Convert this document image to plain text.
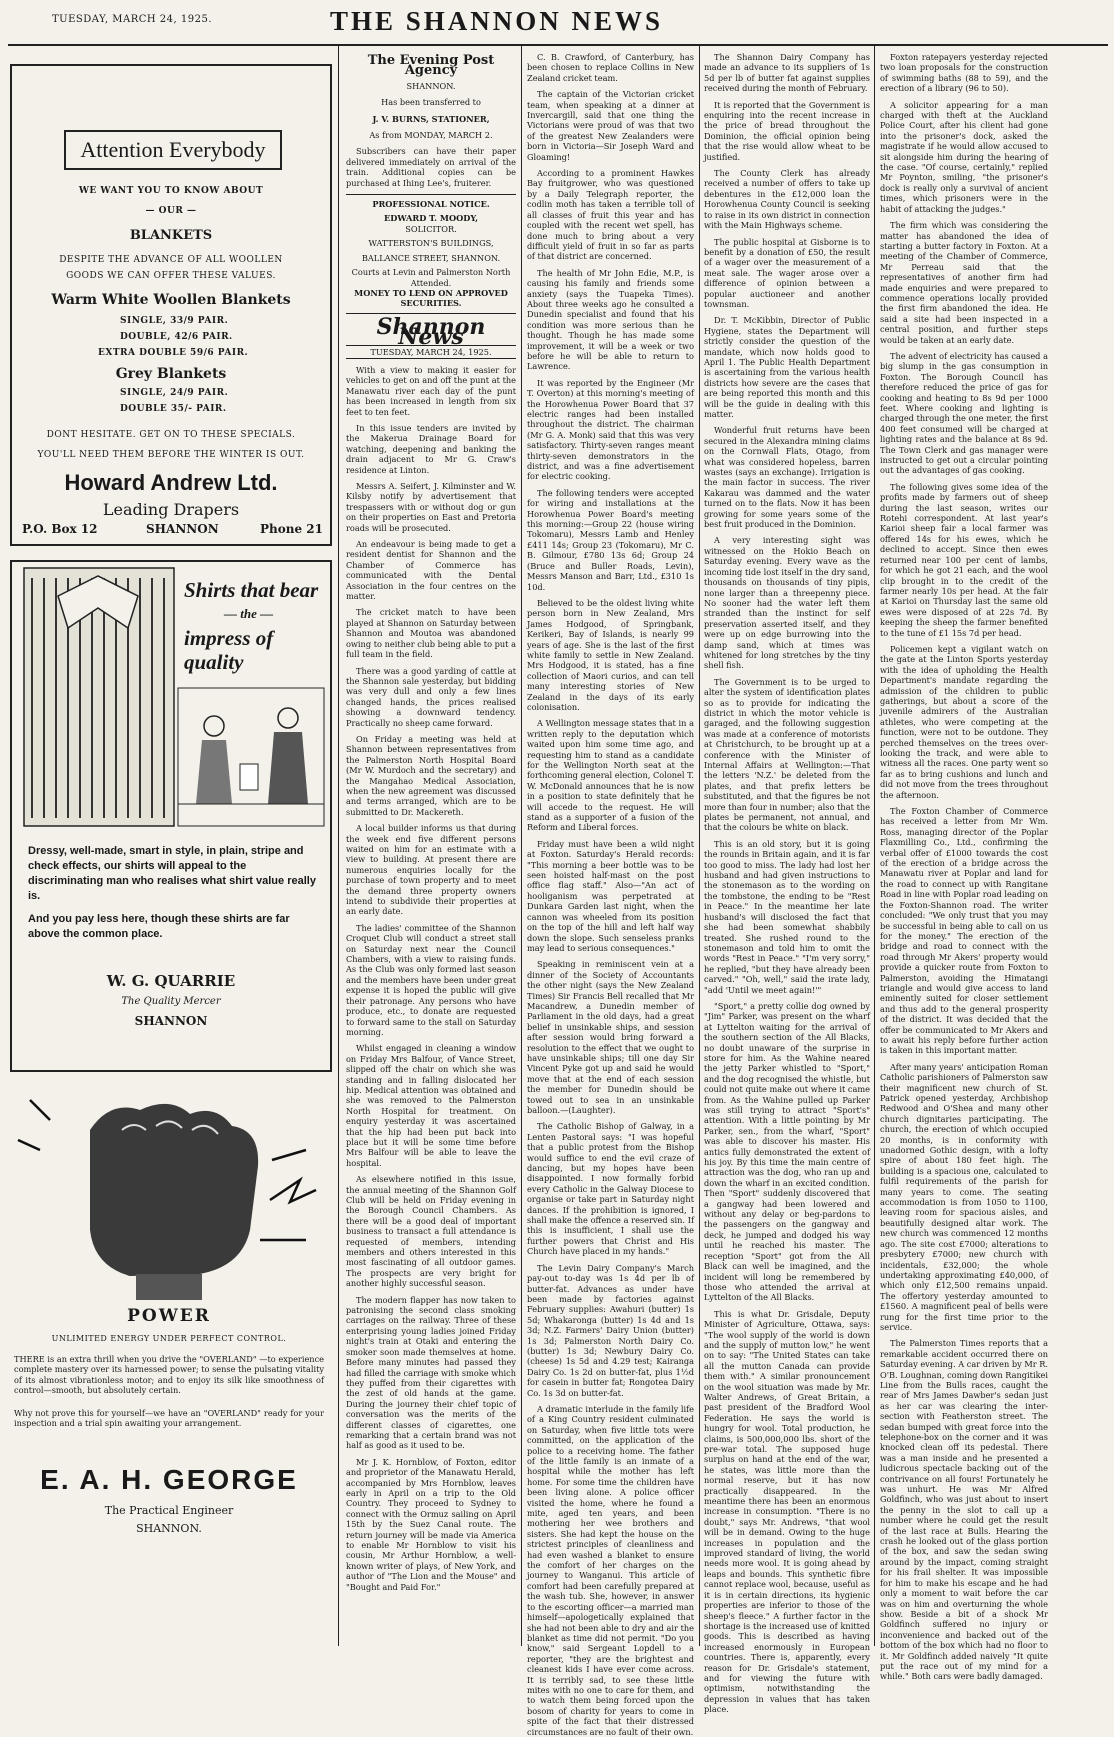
TUESDAY, MARCH 24, 1925.	THE SHANNON NEWS
Attention Everybody
WE WANT YOU TO KNOW ABOUT
— OUR —
BLANKETS
DESPITE THE ADVANCE OF ALL WOOLLEN GOODS WE CAN OFFER THESE VALUES.
Warm White Woollen Blankets
SINGLE, 33/9 PAIR.
DOUBLE, 42/6 PAIR.
EXTRA DOUBLE 59/6 PAIR.
Grey Blankets
SINGLE, 24/9 PAIR.
DOUBLE 35/- PAIR.
DONT HESITATE. GET ON TO THESE SPECIALS.
YOU'LL NEED THEM BEFORE THE WINTER IS OUT.
Howard Andrew Ltd.
Leading Drapers
P.O. Box 12	SHANNON	Phone 21
Shirts that bear
— the —
impress of
quality
Dressy, well-made, smart in style, in plain, stripe and check effects, our shirts will appeal to the discriminating man who realises what shirt value really is.
And you pay less here, though these shirts are far above the common place.
W. G. QUARRIE
The Quality Mercer
SHANNON
POWER
UNLIMITED ENERGY UNDER PERFECT CONTROL.
THERE is an extra thrill when you drive the "OVERLAND" —to experience complete mastery over its harnessed power; to sense the pulsating vitality of its almost vibrationless motor; and to enjoy its silk like smoothness of control—smooth, but absolutely certain.
Why not prove this for yourself—we have an "OVERLAND" ready for your inspection and a trial spin awaiting your arrangement.
E. A. H. GEORGE
The Practical Engineer
SHANNON.
The Evening Post Agency
SHANNON.
Has been transferred to
J. V. BURNS, STATIONER,
As from MONDAY, MARCH 2.

Subscribers can have their paper delivered immediately on arrival of the train. Additional copies can be purchased at Ihing Lee's, fruiterer.

PROFESSIONAL NOTICE.
EDWARD T. MOODY,
SOLICITOR.
WATTERSTON'S BUILDINGS,
BALLANCE STREET, SHANNON.
Courts at Levin and Palmerston North Attended.
MONEY TO LEND ON APPROVED SECURITIES.
Shannon News
TUESDAY, MARCH 24, 1925.

With a view to making it easier for vehicles to get on and off the punt at the Manawatu river each day of the punt has been increased in length from six feet to ten feet.

In this issue tenders are invited by the Makerua Drainage Board for watching, deepening and banking the drain adjacent to Mr G. Craw's residence at Linton.

Messrs A. Seifert, J. Kilminster and W. Kilsby notify by advertisement that trespassers with or without dog or gun on their properties on East and Pretoria roads will be prosecuted.

An endeavour is being made to get a resident dentist for Shannon and the Chamber of Commerce has communicated with the Dental Association in the four centres on the matter.

The cricket match to have been played at Shannon on Saturday between Shannon and Moutoa was abandoned owing to neither club being able to put a full team in the field.

There was a good yarding of cattle at the Shannon sale yesterday, but bidding was very dull and only a few lines changed hands, the prices realised showing a downward tendency. Practically no sheep came forward.

On Friday a meeting was held at Shannon between representatives from the Palmerston North Hospital Board (Mr W. Murdoch and the secretary) and the Mangahao Medical Association, when the new agreement was discussed and terms arranged, which are to be submitted to Dr. Mackereth.

A local builder informs us that during the week end five different persons waited on him for an estimate with a view to building. At present there are numerous enquiries locally for the purchase of town property and to meet the demand three property owners intend to subdivide their properties at an early date.

The ladies' committee of the Shannon Croquet Club will conduct a street stall on Saturday next near the Council Chambers, with a view to raising funds. As the Club was only formed last season and the members have been under great expense it is hoped the public will give their patronage. Any persons who have produce, etc., to donate are requested to forward same to the stall on Saturday morning.

Whilst engaged in cleaning a window on Friday Mrs Balfour, of Vance Street, slipped off the chair on which she was standing and in falling dislocated her hip. Medical attention was obtained and she was removed to the Palmerston North Hospital for treatment. On enquiry yesterday it was ascertained that the hip had been put back into place but it will be some time before Mrs Balfour will be able to leave the hospital.

As elsewhere notified in this issue, the annual meeting of the Shannon Golf Club will be held on Friday evening in the Borough Council Chambers. As there will be a good deal of important business to transact a full attendance is requested of members, intending members and others interested in this most fascinating of all outdoor games. The prospects are very bright for another highly successful season.

The modern flapper has now taken to patronising the second class smoking carriages on the railway. Three of these enterprising young ladies joined Friday night's train at Otaki and entering the smoker soon made themselves at home. Before many minutes had passed they had filled the carriage with smoke which they puffed from their cigarettes with the zest of old hands at the game. During the journey their chief topic of conversation was the merits of the different classes of cigarettes, one remarking that a certain brand was not half as good as it used to be.

Mr J. K. Hornblow, of Foxton, editor and proprietor of the Manawatu Herald, accompanied by Mrs Hornblow, leaves early in April on a trip to the Old Country. They proceed to Sydney to connect with the Ormuz sailing on April 15th by the Suez Canal route. The return journey will be made via America to enable Mr Hornblow to visit his cousin, Mr Arthur Hornblow, a well-known writer of plays, of New York, and author of "The Lion and the Mouse" and "Bought and Paid For."

C. B. Crawford, of Canterbury, has been chosen to replace Collins in New Zealand cricket team.

The captain of the Victorian cricket team, when speaking at a dinner at Invercargill, said that one thing the Victorians were proud of was that two of the greatest New Zealanders were born in Victoria—Sir Joseph Ward and Gloaming!

According to a prominent Hawkes Bay fruitgrower, who was questioned by a Daily Telegraph reporter, the codlin moth has taken a terrible toll of all classes of fruit this year and has coupled with the recent wet spell, has done much to bring about a very difficult yield of fruit in so far as parts of that district are concerned.

The health of Mr John Edie, M.P., is causing his family and friends some anxiety (says the Tuapeka Times). About three weeks ago he consulted a Dunedin specialist and found that his condition was more serious than he thought. Though he has made some improvement, it will be a week or two before he will be able to return to Lawrence.

It was reported by the Engineer (Mr T. Overton) at this morning's meeting of the Horowhenua Power Board that 37 electric ranges had been installed throughout the district. The chairman (Mr G. A. Monk) said that this was very satisfactory. Thirty-seven ranges meant thirty-seven demonstrators in the district, and was a fine advertisement for electric cooking.

The following tenders were accepted for wiring and installations at the Horowhenua Power Board's meeting this morning:—Group 22 (house wiring Tokomaru), Messrs Lamb and Henley £411 14s; Group 23 (Tokomaru), Mr C. B. Gilmour, £780 13s 6d; Group 24 (Bruce and Buller Roads, Levin), Messrs Manson and Barr, Ltd., £310 1s 10d.

Believed to be the oldest living white person born in New Zealand, Mrs James Hodgood, of Springbank, Kerikeri, Bay of Islands, is nearly 99 years of age. She is the last of the first white family to settle in New Zealand. Mrs Hodgood, it is stated, has a fine collection of Maori curios, and can tell many interesting stories of New Zealand in the days of its early colonisation.

A Wellington message states that in a written reply to the deputation which waited upon him some time ago, and requesting him to stand as a candidate for the Wellington North seat at the forthcoming general election, Colonel T. W. McDonald announces that he is now in a position to state definitely that he will accede to the request. He will stand as a supporter of a fusion of the Reform and Liberal forces.

Friday must have been a wild night at Foxton. Saturday's Herald records: "This morning a beer bottle was to be seen hoisted half-mast on the post office flag staff." Also—"An act of hooliganism was perpetrated at Dunkara Garden last night, when the cannon was wheeled from its position on the top of the hill and left half way down the slope. Such senseless pranks may lead to serious consequences."

Speaking in reminiscent vein at a dinner of the Society of Accountants the other night (says the New Zealand Times) Sir Francis Bell recalled that Mr Macandrew, a Dunedin member of Parliament in the old days, had a great belief in unsinkable ships, and session after session would bring forward a resolution to the effect that we ought to have unsinkable ships; till one day Sir Vincent Pyke got up and said he would move that at the end of each session the member for Dunedin should be towed out to sea in an unsinkable balloon.—(Laughter).

The Catholic Bishop of Galway, in a Lenten Pastoral says: "I was hopeful that a public protest from the Bishop would suffice to end the evil craze of dancing, but my hopes have been disappointed. I now formally forbid every Catholic in the Galway Diocese to organise or take part in Saturday night dances. If the prohibition is ignored, I shall make the offence a reserved sin. If this is insufficient, I shall use the further powers that Christ and His Church have placed in my hands."

The Levin Dairy Company's March pay-out to-day was 1s 4d per lb of butter-fat. Advances as under have been made by factories against February supplies: Awahuri (butter) 1s 5d; Whakaronga (butter) 1s 4d and 1s 3d; N.Z. Farmers' Dairy Union (butter) 1s 3d; Palmerston North Dairy Co. (butter) 1s 3d; Newbury Dairy Co. (cheese) 1s 5d and 4.29 test; Kairanga Dairy Co. 1s 2d on butter-fat, plus 1½d for casein in butter fat; Rongotea Dairy Co. 1s 3d on butter-fat.

A dramatic interlude in the family life of a King Country resident culminated on Saturday, when five little tots were committed, on the application of the police to a receiving home. The father of the little family is an inmate of a hospital while the mother has left home. For some time the children have been living alone. A police officer visited the home, where he found a mite, aged ten years, and been mothering her wee brothers and sisters. She had kept the house on the strictest principles of cleanliness and had even washed a blanket to ensure the comfort of her charges on the journey to Wanganui. This article of comfort had been carefully prepared at the wash tub. She, however, in answer to the escorting officer—a married man himself—apologetically explained that she had not been able to dry and air the blanket as time did not permit. "Do you know," said Sergeant Lopdell to a reporter, "they are the brightest and cleanest kids I have ever come across. It is terribly sad, to see these little mites with no one to care for them, and to watch them being forced upon the bosom of charity for years to come in spite of the fact that their distressed circumstances are no fault of their own.

The Shannon Dairy Company has made an advance to its suppliers of 1s 5d per lb of butter fat against supplies received during the month of February.

It is reported that the Government is enquiring into the recent increase in the price of bread throughout the Dominion, the official opinion being that the rise would allow wheat to be justified.

The County Clerk has already received a number of offers to take up debentures in the £12,000 loan the Horowhenua County Council is seeking to raise in its own district in connection with the Main Highways scheme.

The public hospital at Gisborne is to benefit by a donation of £50, the result of a wager over the measurement of a meat sale. The wager arose over a difference of opinion between a popular auctioneer and another townsman.

Dr. T. McKibbin, Director of Public Hygiene, states the Department will strictly consider the question of the mandate, which now holds good to April 1. The Public Health Department is ascertaining from the various health districts how severe are the cases that are being reported this month and this will be the guide in dealing with this matter.

Wonderful fruit returns have been secured in the Alexandra mining claims on the Cornwall Flats, Otago, from what was considered hopeless, barren wastes (says an exchange). Irrigation is the main factor in success. The river Kakarau was dammed and the water turned on to the flats. Now it has been growing for some years some of the best fruit produced in the Dominion.

A very interesting sight was witnessed on the Hokio Beach on Saturday evening. Every wave as the incoming tide lost itself in the dry sand, thousands on thousands of tiny pipis, none larger than a threepenny piece. No sooner had the water left them stranded than the instinct for self preservation asserted itself, and they were up on edge burrowing into the damp sand, which at times was whitened for long stretches by the tiny shell fish.

The Government is to be urged to alter the system of identification plates so as to provide for indicating the district in which the motor vehicle is garaged, and the following suggestion was made at a conference of motorists at Christchurch, to be brought up at a conference with the Minister of Internal Affairs at Wellington:—That the letters 'N.Z.' be deleted from the plates, and that prefix letters be substituted, and that the figures be not more than four in number; also that the plates be permanent, not annual, and that the colours be white on black.

This is an old story, but it is going the rounds in Britain again, and it is far too good to miss. The lady had lost her husband and had given instructions to the stonemason as to the wording on the tombstone, the ending to be "Rest in Peace." In the meantime her late husband's will disclosed the fact that she had been somewhat shabbily treated. She rushed round to the stonemason and told him to omit the words "Rest in Peace." "I'm very sorry," he replied, "but they have already been carved." "Oh, well," said the irate lady, "add 'Until we meet again!'"

"Sport," a pretty collie dog owned by "Jim" Parker, was present on the wharf at Lyttelton waiting for the arrival of the southern section of the All Blacks, no doubt unaware of the surprise in store for him. As the Wahine neared the jetty Parker whistled to "Sport," and the dog recognised the whistle, but could not quite make out where it came from. As the Wahine pulled up Parker was still trying to attract "Sport's" attention. With a little pointing by Mr Parker, sen., from the wharf, "Sport" was able to discover his master. His antics fully demonstrated the extent of his joy. By this time the main centre of attraction was the dog, who ran up and down the wharf in an excited condition. Then "Sport" suddenly discovered that a gangway had been lowered and without any delay or beg-pardons to the passengers on the gangway and deck, he jumped and dodged his way until he reached his master. The reception "Sport" got from the All Black can well be imagined, and the incident will long be remembered by those who attended the arrival at Lyttelton of the All Blacks.

This is what Dr. Grisdale, Deputy Minister of Agriculture, Ottawa, says: "The wool supply of the world is down and the supply of mutton low," he went on to say: "The United States can take all the mutton Canada can provide them with." A similar pronouncement on the wool situation was made by Mr. Walter Andrews, of Great Britain, a past president of the Bradford Wool Federation. He says the world is hungry for wool. Total production, he claims, is 500,000,000 lbs. short of the pre-war total. The supposed huge surplus on hand at the end of the war, he states, was little more than the normal reserve, but it has now practically disappeared. In the meantime there has been an enormous increase in consumption. "There is no doubt," says Mr. Andrews, "that wool will be in demand. Owing to the huge increases in population and the improved standard of living, the world needs more wool. It is going ahead by leaps and bounds. This synthetic fibre cannot replace wool, because, useful as it is in certain directions, its hygienic properties are inferior to those of the sheep's fleece." A further factor in the shortage is the increased use of knitted goods. This is described as having increased enormously in European countries. There is, apparently, every reason for Dr. Grisdale's statement, and for viewing the future with optimism, notwithstanding the depression in values that has taken place.

Foxton ratepayers yesterday rejected two loan proposals for the construction of swimming baths (88 to 59), and the erection of a library (96 to 50).

A solicitor appearing for a man charged with theft at the Auckland Police Court, after his client had gone into the prisoner's dock, asked the magistrate if he would allow accused to sit alongside him during the hearing of the case. "Of course, certainly," replied Mr Poynton, smiling, "the prisoner's dock is really only a survival of ancient times, which prisoners were in the habit of attacking the judges."

The firm which was considering the matter has abandoned the idea of starting a butter factory in Foxton. At a meeting of the Chamber of Commerce, Mr Perreau said that the representatives of another firm had made enquiries and were prepared to commence operations locally provided the first firm abandoned the idea. He said a site had been inspected in a central position, and further steps would be taken at an early date.

The advent of electricity has caused a big slump in the gas consumption in Foxton. The Borough Council has therefore reduced the price of gas for cooking and heating to 8s 9d per 1000 feet. Where cooking and lighting is charged through the one meter, the first 400 feet consumed will be charged at lighting rates and the balance at 8s 9d. The Town Clerk and gas manager were instructed to get out a circular pointing out the advantages of gas cooking.

The following gives some idea of the profits made by farmers out of sheep during the last season, writes our Rotehi correspondent. At last year's Karioi sheep fair a local farmer was offered 14s for his ewes, which he declined to accept. Since then ewes returned near 100 per cent of lambs, for which he got 21 each, and the wool clip brought in to the credit of the farmer nearly 10s per head. At the fair at Karioi on Thursday last the same old ewes were disposed of at 22s 7d. By keeping the sheep the farmer benefited to the tune of £1 15s 7d per head.

Policemen kept a vigilant watch on the gate at the Linton Sports yesterday with the idea of upholding the Health Department's mandate regarding the admission of the children to public gatherings, but about a score of the juvenile admirers of the Australian athletes, who were competing at the function, were not to be outdone. They perched themselves on the trees over-looking the track, and were able to witness all the races. One party went so far as to bring cushions and lunch and did not move from the trees throughout the afternoon.

The Foxton Chamber of Commerce has received a letter from Mr Wm. Ross, managing director of the Poplar Flaxmilling Co., Ltd., confirming the verbal offer of £1000 towards the cost of the erection of a bridge across the Manawatu river at Poplar and land for the road to connect up with Rangitane Road in line with Poplar road leading on the Foxton-Shannon road. The writer concluded: "We only trust that you may be successful in being able to call on us for the money." The erection of the bridge and road to connect with the road through Mr Akers' property would provide a quicker route from Foxton to Palmerston, avoiding the Himatangi triangle and would give access to land eminently suited for closer settlement and thus add to the general prosperity of the district. It was decided that the offer be communicated to Mr Akers and to await his reply before further action is taken in this important matter.

After many years' anticipation Roman Catholic parishioners of Palmerston saw their magnificent new church of St. Patrick opened yesterday, Archbishop Redwood and O'Shea and many other church dignitaries participating. The church, the erection of which occupied 20 months, is in conformity with unadorned Gothic design, with a lofty spire of about 180 feet high. The building is a spacious one, calculated to fulfil requirements of the parish for many years to come. The seating accommodation is from 1050 to 1100, leaving room for spacious aisles, and beautifully designed altar work. The new church was commenced 12 months ago. The site cost £7000; alterations to presbytery £7000; new church with incidentals, £32,000; the whole undertaking approximating £40,000, of which only £12,500 remains unpaid. The offertory yesterday amounted to £1560. A magnificent peal of bells were rung for the first time prior to the service.

The Palmerston Times reports that a remarkable accident occurred there on Saturday evening. A car driven by Mr R. O'B. Loughnan, coming down Rangitikei Line from the Bulls races, caught the rear of Mrs James Dawber's sedan just as her car was clearing the inter-section with Featherston street. The sedan bumped with great force into the telephone-box on the corner and it was knocked clean off its pedestal. There was a man inside and he presented a ludicrous spectacle backing out of the contrivance on all fours! Fortunately he was unhurt. He was Mr Alfred Goldfinch, who was just about to insert the penny in the slot to call up a number where he could get the result of the last race at Bulls. Hearing the crash he looked out of the glass portion of the box, and saw the sedan swing around by the impact, coming straight for his frail shelter. It was impossible for him to make his escape and he had only a moment to wait before the car was on him and overturning the whole show. Beside a bit of a shock Mr Goldfinch suffered no injury or inconvenience and backed out of the bottom of the box which had no floor to it. Mr Goldfinch added naively "It quite put the race out of my mind for a while." Both cars were badly damaged.
